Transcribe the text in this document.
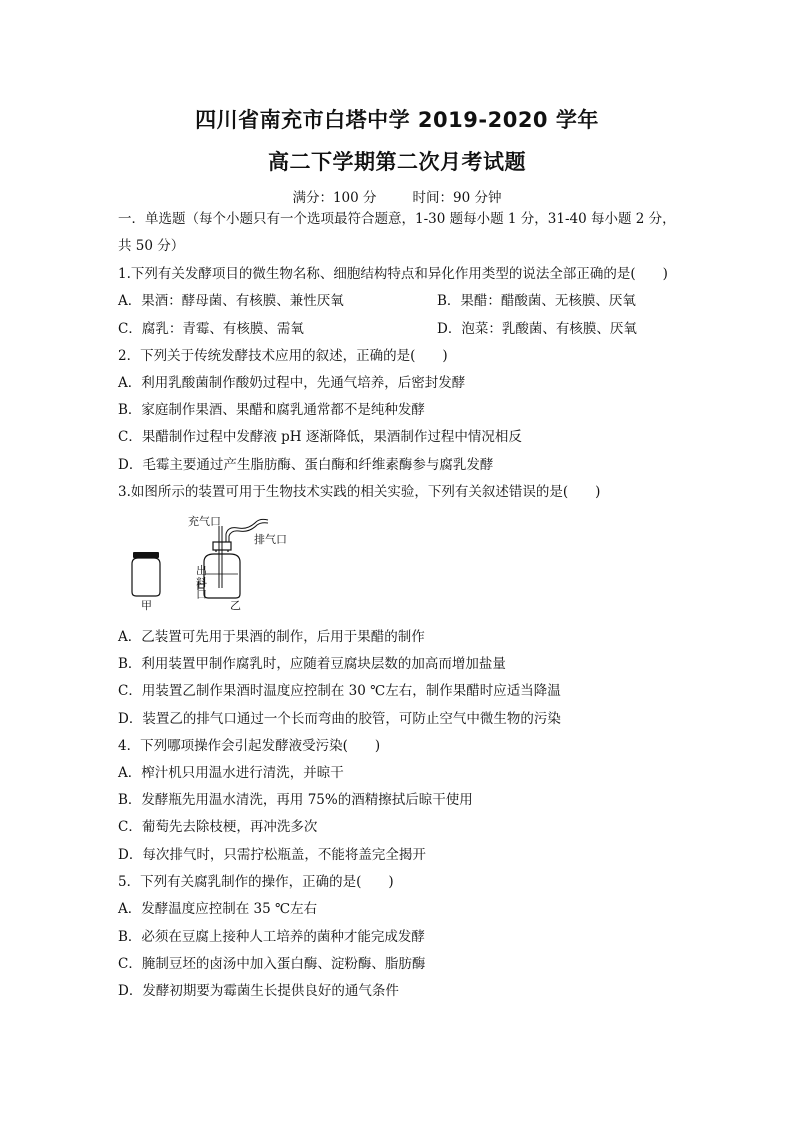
四川省南充市白塔中学 2019-2020 学年
高二下学期第二次月考试题
满分：100 分	时间：90 分钟
一．单选题（每个小题只有一个选项最符合题意，1-30 题每小题 1 分，31-40 每小题 2 分，
共 50 分）
1.下列有关发酵项目的微生物名称、细胞结构特点和异化作用类型的说法全部正确的是(　　)
A．果酒：酵母菌、有核膜、兼性厌氧	B．果醋：醋酸菌、无核膜、厌氧
C．腐乳：青霉、有核膜、需氧	D．泡菜：乳酸菌、有核膜、厌氧
2．下列关于传统发酵技术应用的叙述，正确的是(　　)
A．利用乳酸菌制作酸奶过程中，先通气培养，后密封发酵
B．家庭制作果酒、果醋和腐乳通常都不是纯种发酵
C．果醋制作过程中发酵液 pH 逐渐降低，果酒制作过程中情况相反
D．毛霉主要通过产生脂肪酶、蛋白酶和纤维素酶参与腐乳发酵
3.如图所示的装置可用于生物技术实践的相关实验，下列有关叙述错误的是(　　)
甲
充气口
排气口
出
料
口
乙
A．乙装置可先用于果酒的制作，后用于果醋的制作
B．利用装置甲制作腐乳时，应随着豆腐块层数的加高而增加盐量
C．用装置乙制作果酒时温度应控制在 30 ℃左右，制作果醋时应适当降温
D．装置乙的排气口通过一个长而弯曲的胶管，可防止空气中微生物的污染
4．下列哪项操作会引起发酵液受污染(　　)
A．榨汁机只用温水进行清洗，并晾干
B．发酵瓶先用温水清洗，再用 75%的酒精擦拭后晾干使用
C．葡萄先去除枝梗，再冲洗多次
D．每次排气时，只需拧松瓶盖，不能将盖完全揭开
5．下列有关腐乳制作的操作，正确的是(　　)
A．发酵温度应控制在 35 ℃左右
B．必须在豆腐上接种人工培养的菌种才能完成发酵
C．腌制豆坯的卤汤中加入蛋白酶、淀粉酶、脂肪酶
D．发酵初期要为霉菌生长提供良好的通气条件
